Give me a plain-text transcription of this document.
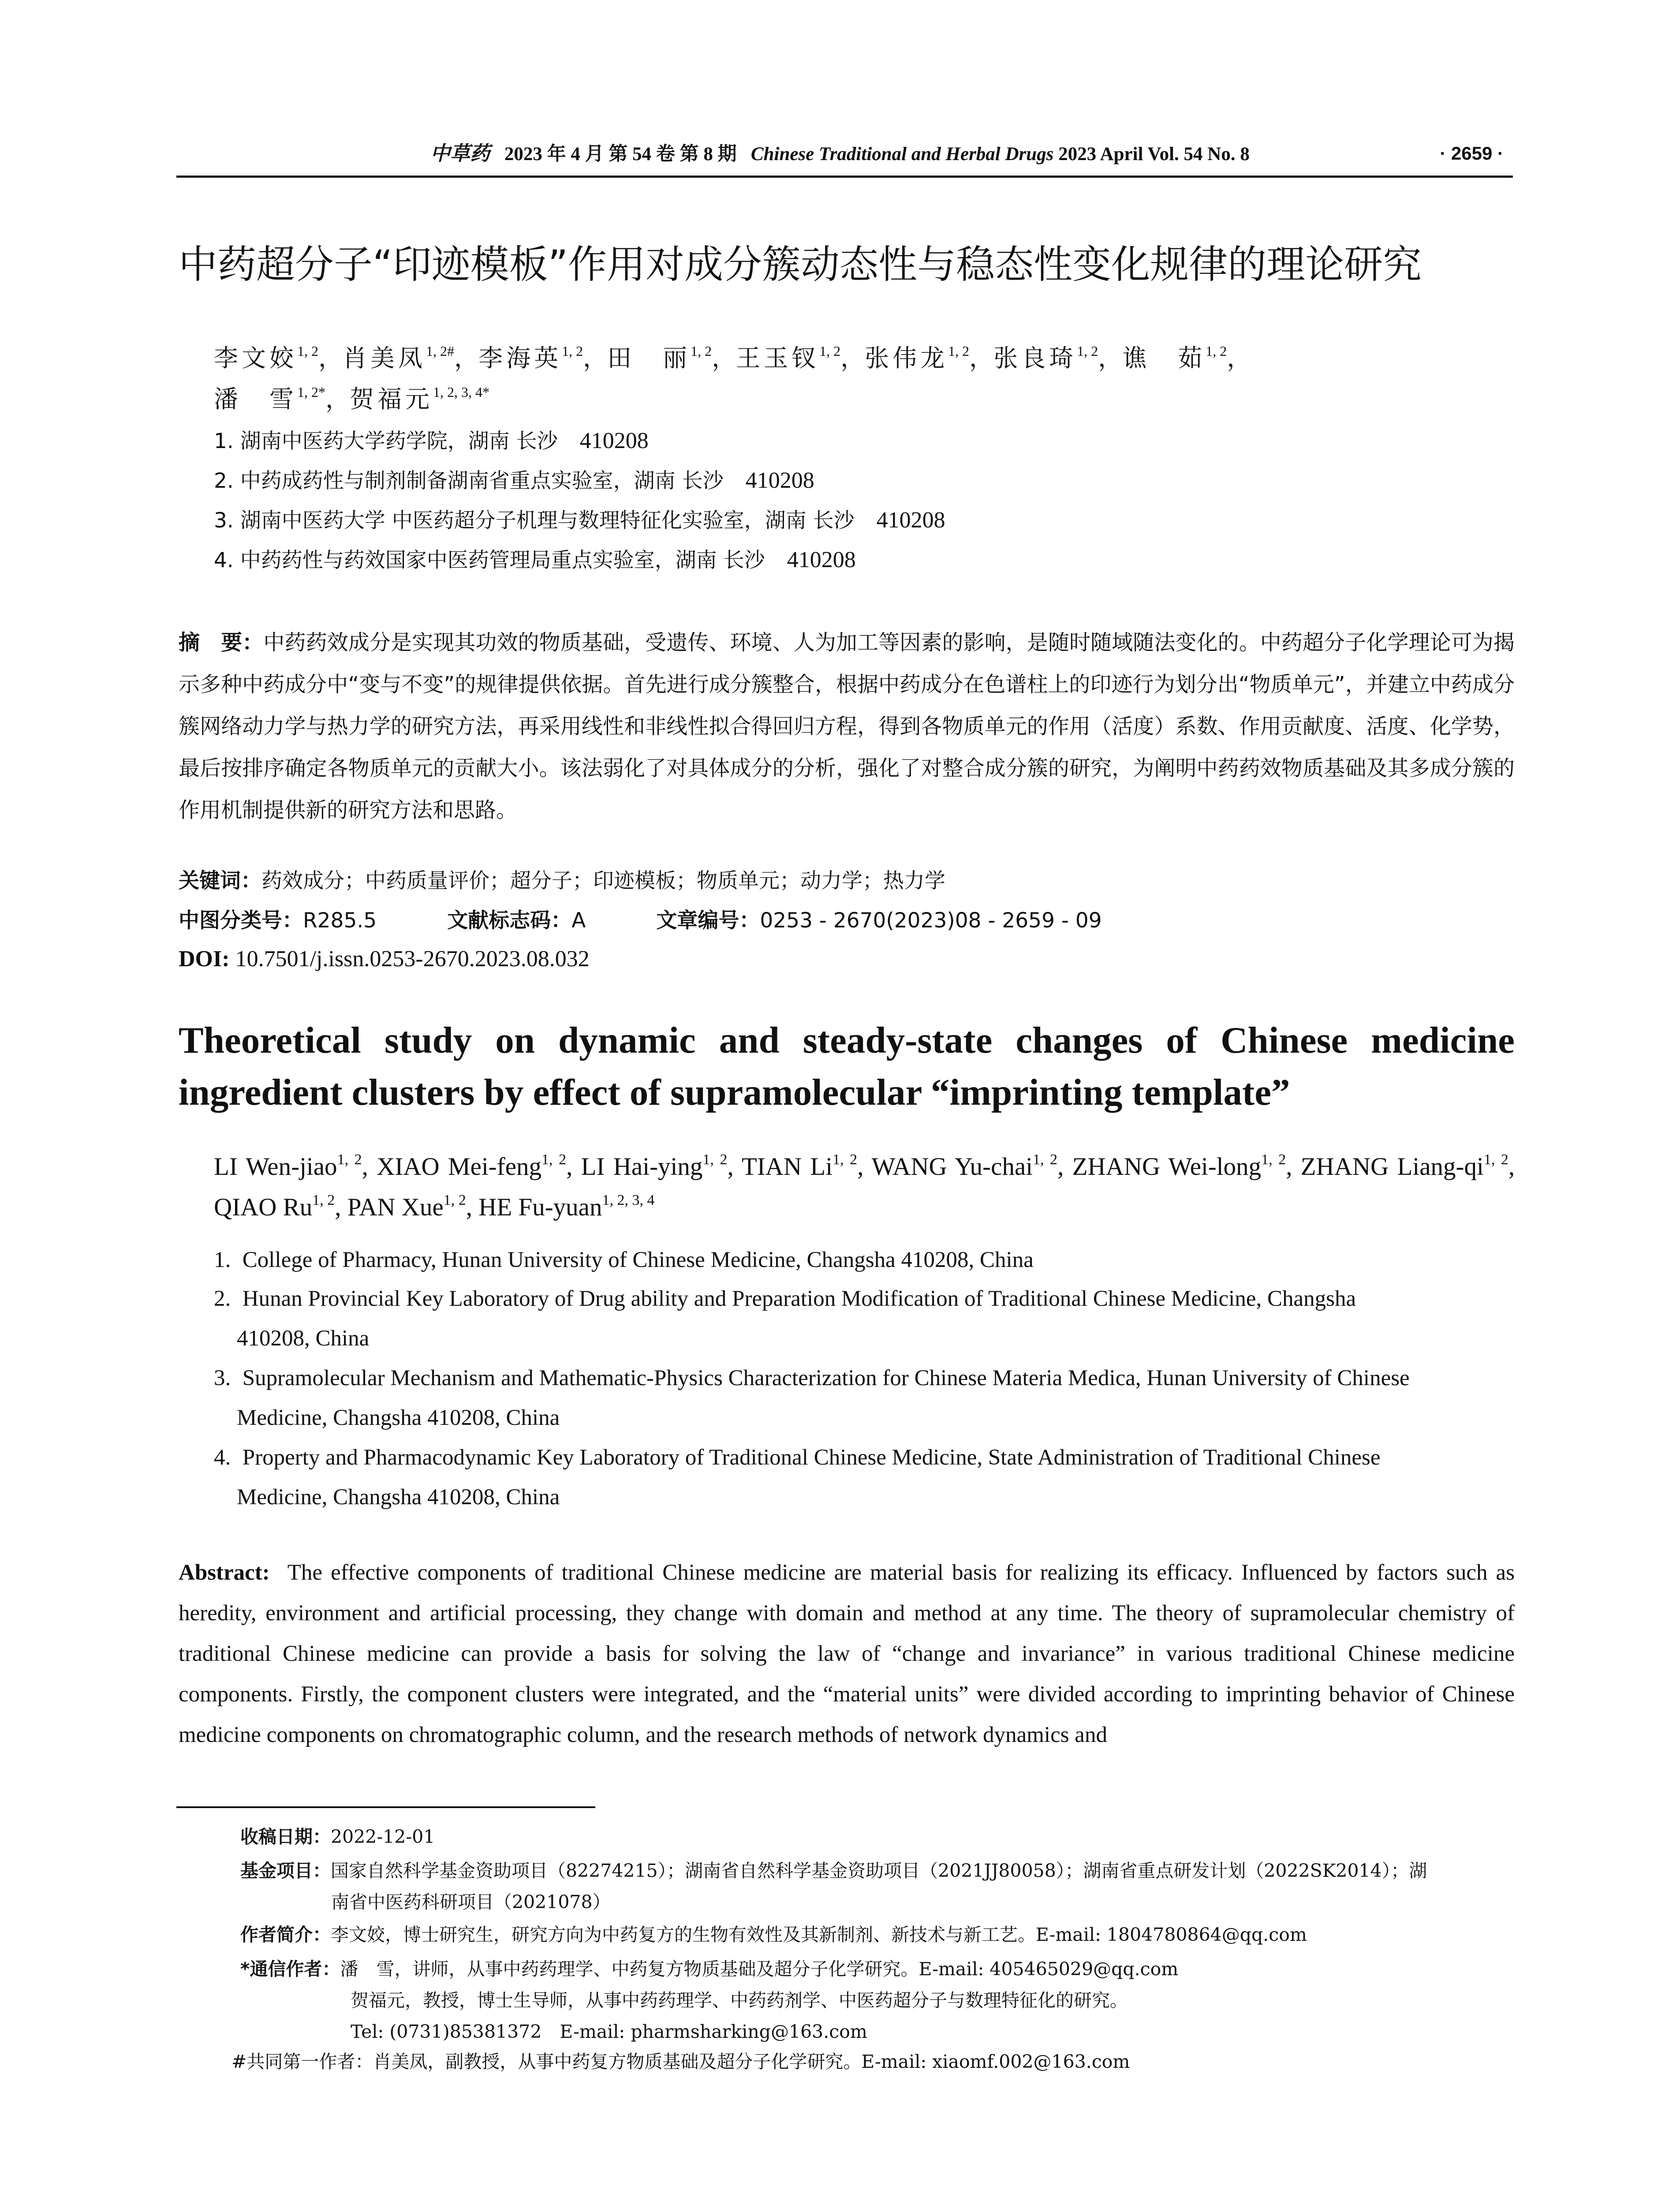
中草药 2023 年 4 月 第 54 卷 第 8 期 Chinese Traditional and Herbal Drugs 2023 April Vol. 54 No. 8	· 2659 ·
中药超分子“印迹模板”作用对成分簇动态性与稳态性变化规律的理论研究
李文姣$^{1, 2}$，肖美凤$^{1, 2\#}$，李海英$^{1, 2}$，田　丽$^{1, 2}$，王玉钗$^{1, 2}$，张伟龙$^{1, 2}$，张良琦$^{1, 2}$，谯　茹$^{1, 2}$，
潘　雪$^{1, 2*}$，贺福元$^{1, 2, 3, 4*}$
1. 湖南中医药大学药学院，湖南 长沙 410208
2. 中药成药性与制剂制备湖南省重点实验室，湖南 长沙 410208
3. 湖南中医药大学 中医药超分子机理与数理特征化实验室，湖南 长沙 410208
4. 中药药性与药效国家中医药管理局重点实验室，湖南 长沙 410208
摘　要：中药药效成分是实现其功效的物质基础，受遗传、环境、人为加工等因素的影响，是随时随域随法变化的。中药超分子化学理论可为揭示多种中药成分中“变与不变”的规律提供依据。首先进行成分簇整合，根据中药成分在色谱柱上的印迹行为划分出“物质单元”，并建立中药成分簇网络动力学与热力学的研究方法，再采用线性和非线性拟合得回归方程，得到各物质单元的作用（活度）系数、作用贡献度、活度、化学势，最后按排序确定各物质单元的贡献大小。该法弱化了对具体成分的分析，强化了对整合成分簇的研究，为阐明中药药效物质基础及其多成分簇的作用机制提供新的研究方法和思路。
关键词：药效成分；中药质量评价；超分子；印迹模板；物质单元；动力学；热力学
中图分类号：R285.5	文献标志码：A	文章编号：0253 - 2670(2023)08 - 2659 - 09
DOI: 10.7501/j.issn.0253-2670.2023.08.032
Theoretical study on dynamic and steady-state changes of Chinese medicine ingredient clusters by effect of supramolecular “imprinting template”
LI Wen-jiao$^{1, 2}$, XIAO Mei-feng$^{1, 2}$, LI Hai-ying$^{1, 2}$, TIAN Li$^{1, 2}$, WANG Yu-chai$^{1, 2}$, ZHANG Wei-long$^{1, 2}$, ZHANG Liang-qi$^{1, 2}$, QIAO Ru$^{1, 2}$, PAN Xue$^{1, 2}$, HE Fu-yuan$^{1, 2, 3, 4}$
1. College of Pharmacy, Hunan University of Chinese Medicine, Changsha 410208, China
2. Hunan Provincial Key Laboratory of Drug ability and Preparation Modification of Traditional Chinese Medicine, Changsha
410208, China
3. Supramolecular Mechanism and Mathematic-Physics Characterization for Chinese Materia Medica, Hunan University of Chinese
Medicine, Changsha 410208, China
4. Property and Pharmacodynamic Key Laboratory of Traditional Chinese Medicine, State Administration of Traditional Chinese
Medicine, Changsha 410208, China
Abstract: The effective components of traditional Chinese medicine are material basis for realizing its efficacy. Influenced by factors such as heredity, environment and artificial processing, they change with domain and method at any time. The theory of supramolecular chemistry of traditional Chinese medicine can provide a basis for solving the law of “change and invariance” in various traditional Chinese medicine components. Firstly, the component clusters were integrated, and the “material units” were divided according to imprinting behavior of Chinese medicine components on chromatographic column, and the research methods of network dynamics and
收稿日期：2022-12-01
基金项目：国家自然科学基金资助项目（82274215）；湖南省自然科学基金资助项目（2021JJ80058）；湖南省重点研发计划（2022SK2014）；湖
南省中医药科研项目（2021078）
作者简介：李文姣，博士研究生，研究方向为中药复方的生物有效性及其新制剂、新技术与新工艺。E-mail: 1804780864@qq.com
*通信作者：潘　雪，讲师，从事中药药理学、中药复方物质基础及超分子化学研究。E-mail: 405465029@qq.com
贺福元，教授，博士生导师，从事中药药理学、中药药剂学、中医药超分子与数理特征化的研究。
Tel: (0731)85381372　E-mail: pharmsharking@163.com
#共同第一作者：肖美凤，副教授，从事中药复方物质基础及超分子化学研究。E-mail: xiaomf.002@163.com
